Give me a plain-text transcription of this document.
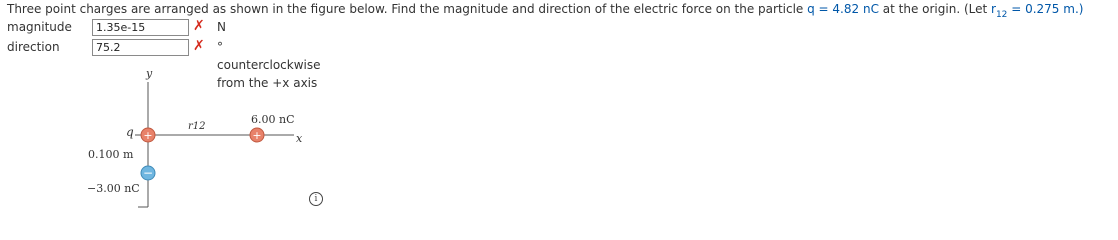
Three point charges are arranged as shown in the figure below. Find the magnitude and direction of the electric force on the particle q = 4.82 nC at the origin. (Let $r_{12} = 0.275$ m.)
magnitude
1.35e-15	✗ N
direction
75.2	✗ ° counterclockwise from the +x axis
y
x
q +
r12
6.00 nC
+
0.100 m
−
−3.00 nC
i
